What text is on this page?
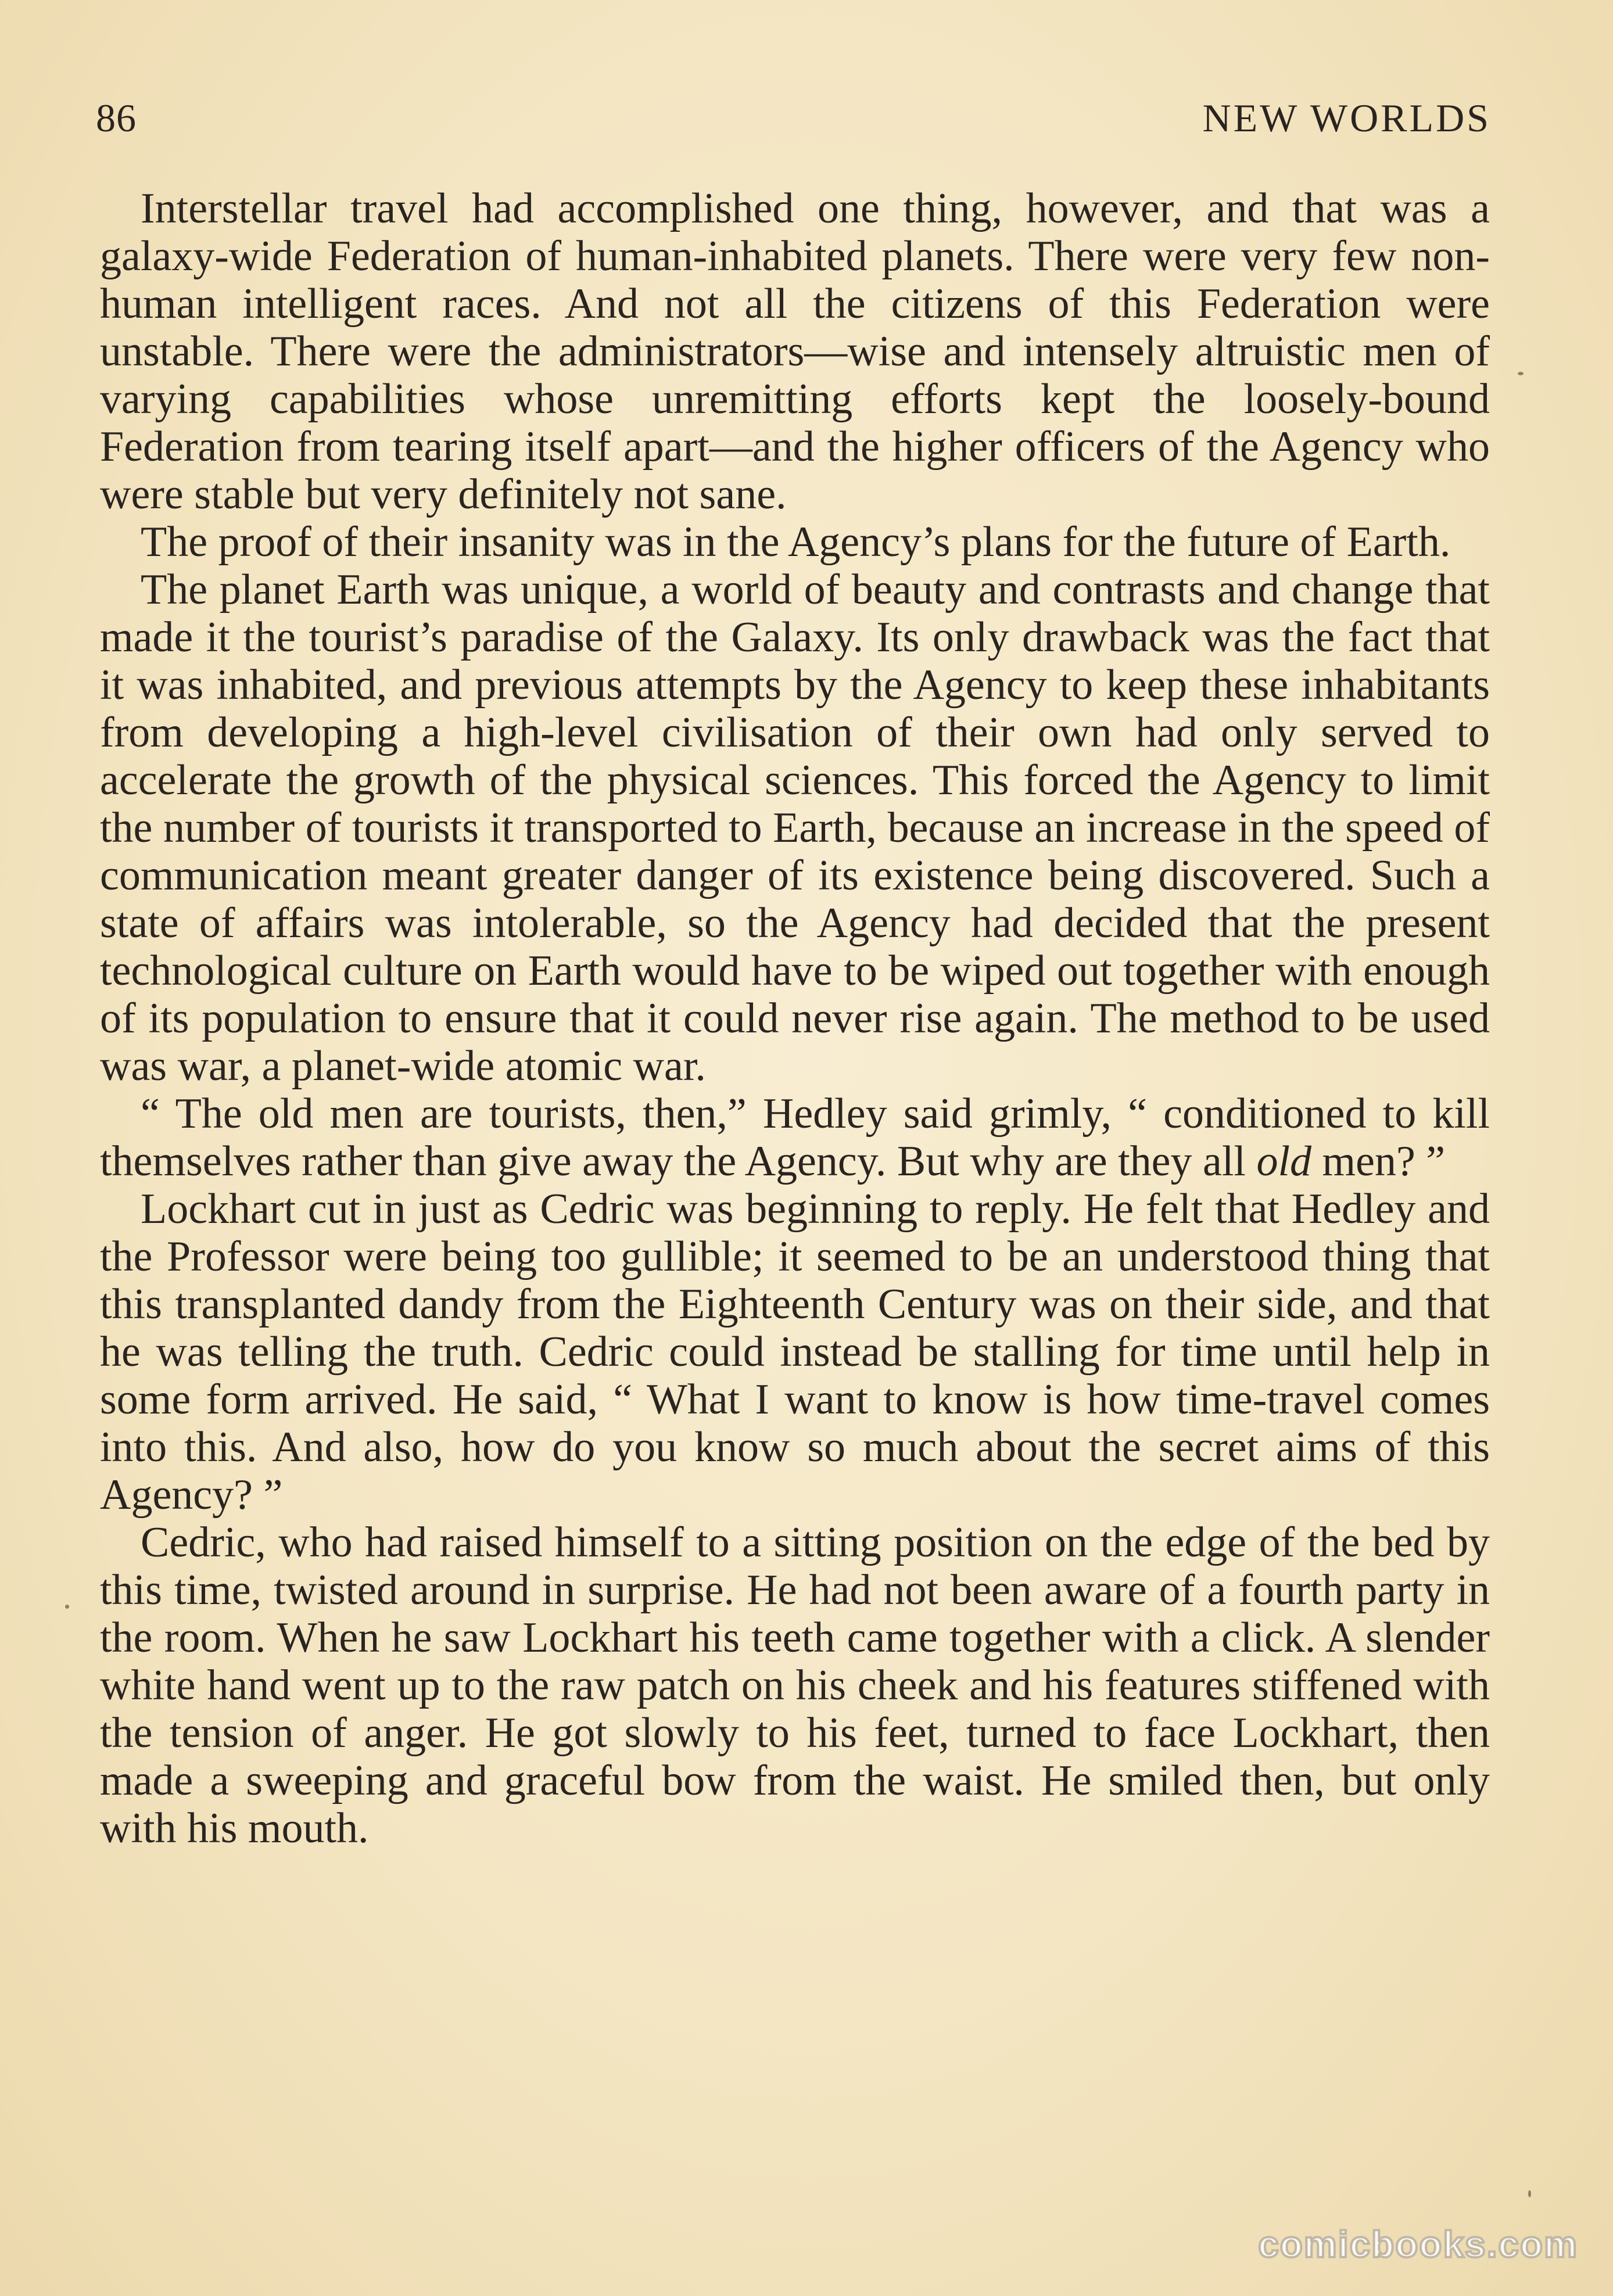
86	NEW WORLDS

Interstellar travel had accomplished one thing, however, and that was a galaxy-wide Federation of human-inhabited planets. There were very few non-human intelligent races. And not all the citizens of this Federation were unstable. There were the administrators—wise and intensely altruistic men of varying capabilities whose unremitting efforts kept the loosely-bound Federation from tearing itself apart—and the higher officers of the Agency who were stable but very definitely not sane.

The proof of their insanity was in the Agency’s plans for the future of Earth.

The planet Earth was unique, a world of beauty and contrasts and change that made it the tourist’s paradise of the Galaxy. Its only drawback was the fact that it was inhabited, and previous attempts by the Agency to keep these inhabitants from developing a high-level civilisation of their own had only served to accelerate the growth of the physical sciences. This forced the Agency to limit the number of tourists it transported to Earth, because an increase in the speed of communication meant greater danger of its existence being discovered. Such a state of affairs was intolerable, so the Agency had decided that the present technological culture on Earth would have to be wiped out together with enough of its population to ensure that it could never rise again. The method to be used was war, a planet-wide atomic war.

“ The old men are tourists, then,” Hedley said grimly, “ conditioned to kill themselves rather than give away the Agency. But why are they all old men? ”

Lockhart cut in just as Cedric was beginning to reply. He felt that Hedley and the Professor were being too gullible; it seemed to be an understood thing that this transplanted dandy from the Eighteenth Century was on their side, and that he was telling the truth. Cedric could instead be stalling for time until help in some form arrived. He said, “ What I want to know is how time-travel comes into this. And also, how do you know so much about the secret aims of this Agency? ”

Cedric, who had raised himself to a sitting position on the edge of the bed by this time, twisted around in surprise. He had not been aware of a fourth party in the room. When he saw Lockhart his teeth came together with a click. A slender white hand went up to the raw patch on his cheek and his features stiffened with the tension of anger. He got slowly to his feet, turned to face Lockhart, then made a sweeping and graceful bow from the waist. He smiled then, but only with his mouth.

comicbooks.com
